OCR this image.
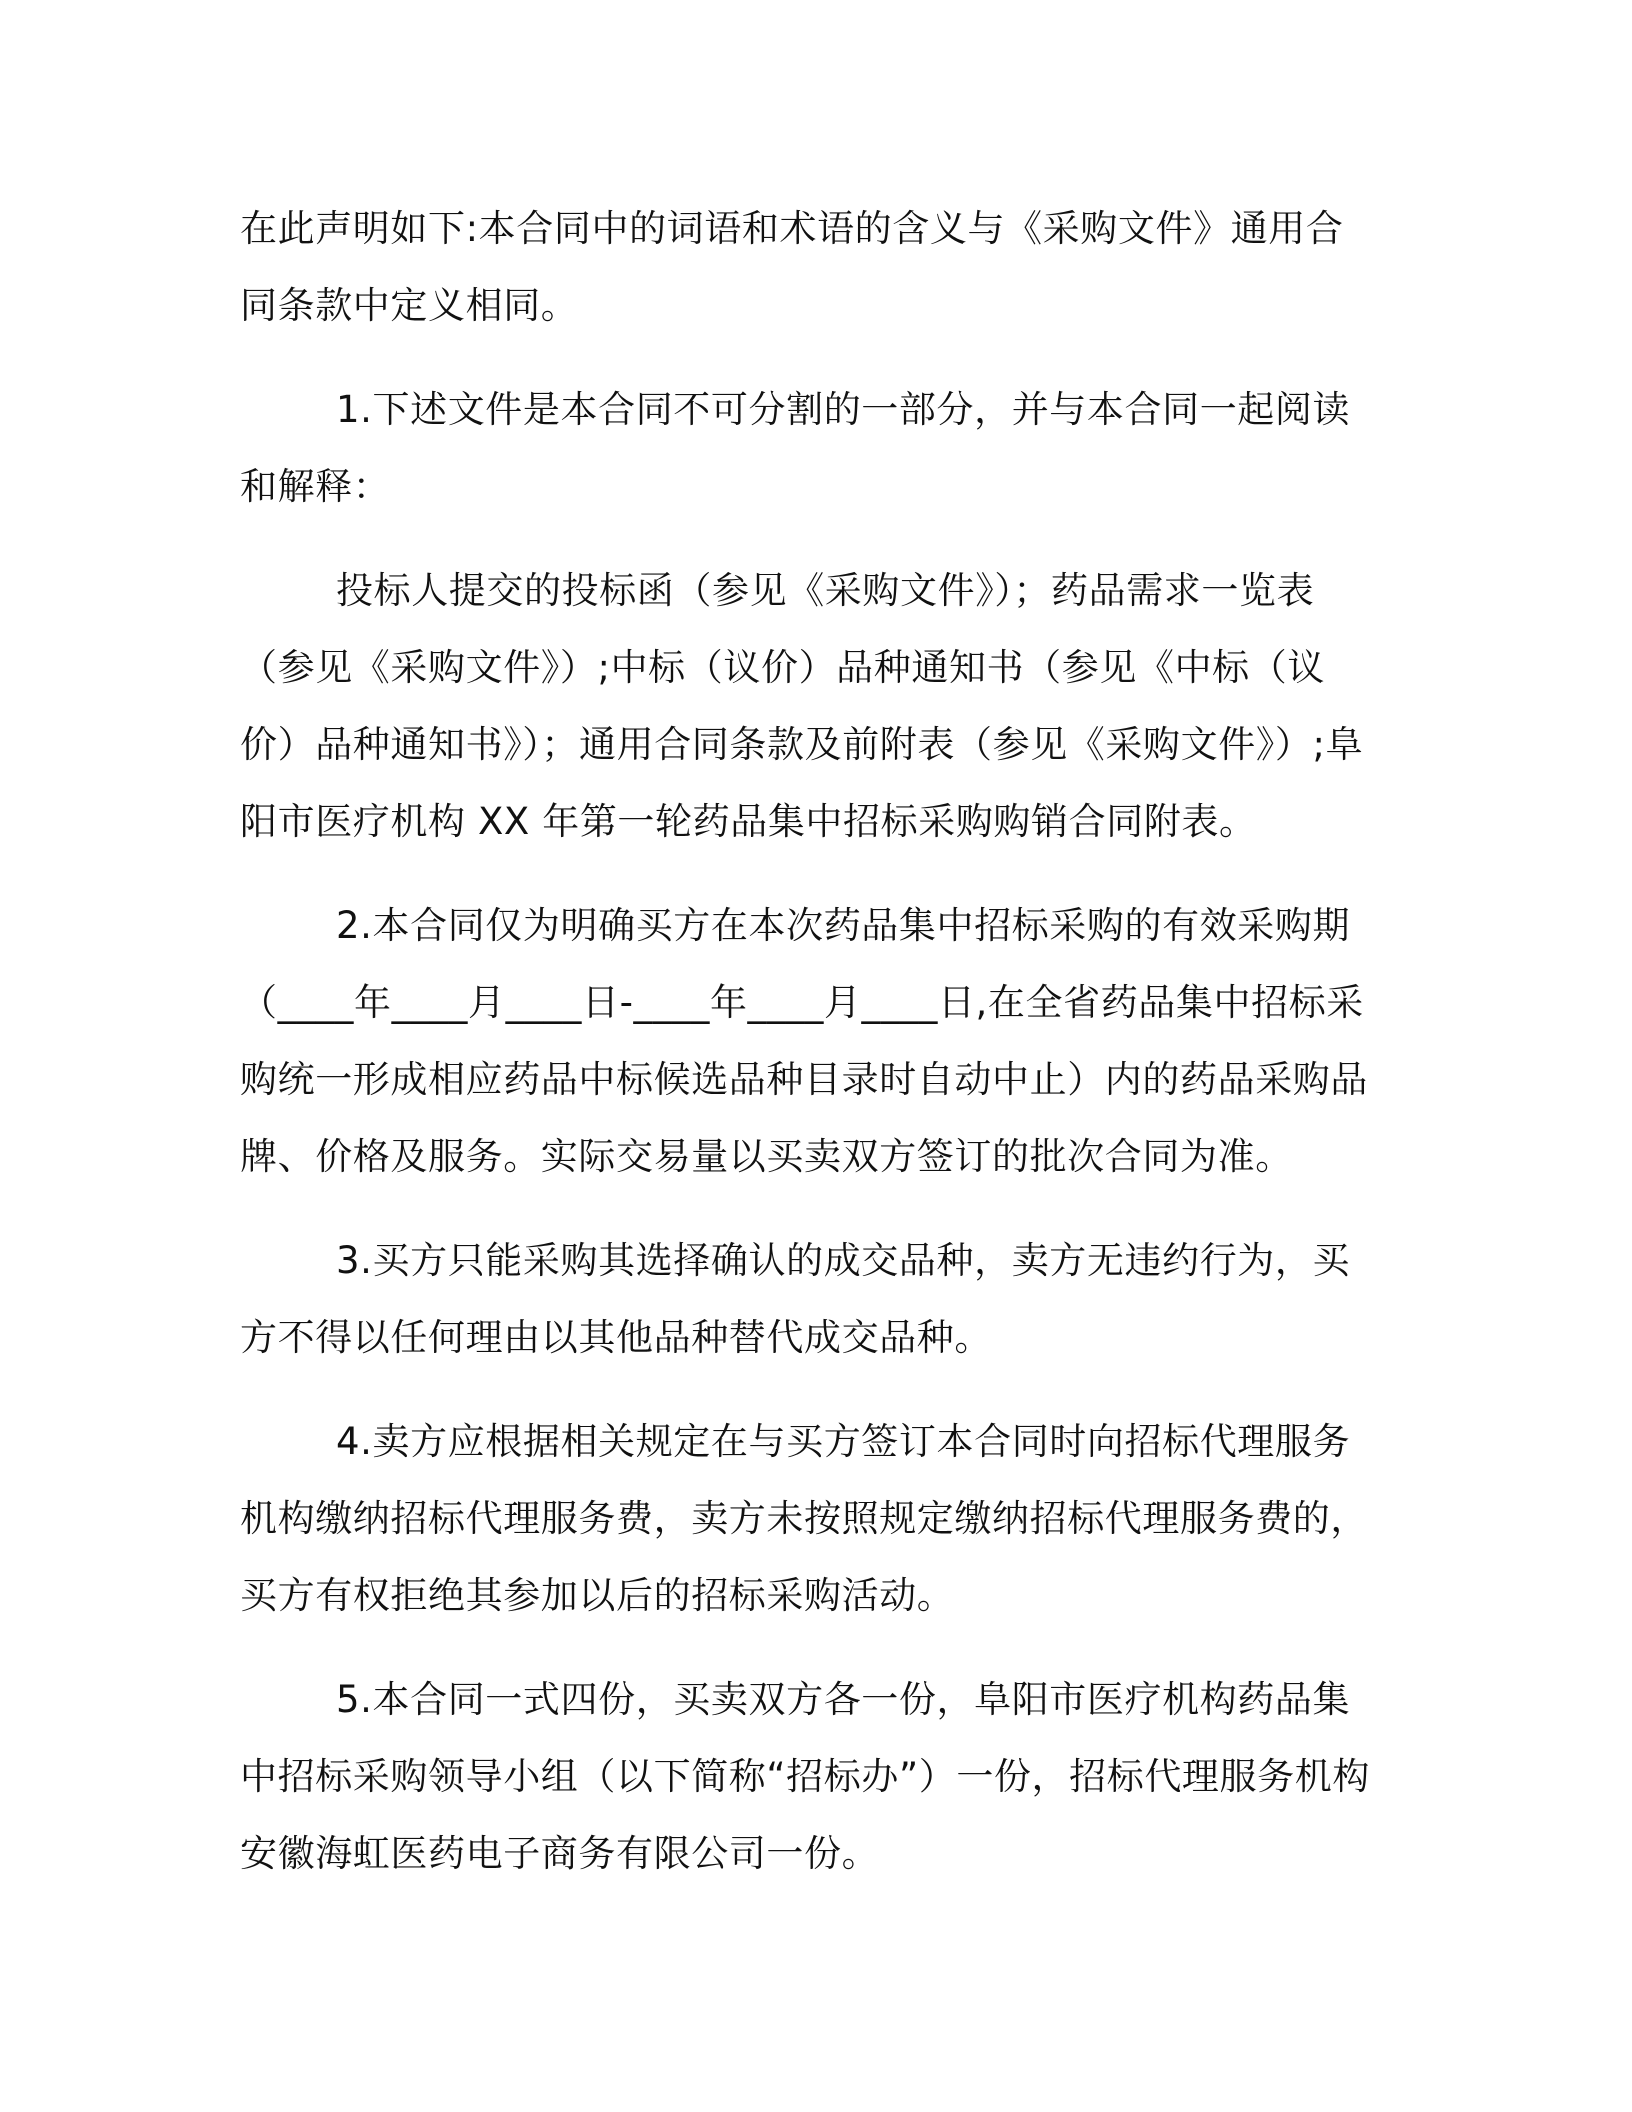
在此声明如下:本合同中的词语和术语的含义与《采购文件》通用合同条款中定义相同。

1.下述文件是本合同不可分割的一部分，并与本合同一起阅读和解释：

投标人提交的投标函（参见《采购文件》）；药品需求一览表（参见《采购文件》）;中标（议价）品种通知书（参见《中标（议价）品种通知书》）；通用合同条款及前附表（参见《采购文件》）;阜阳市医疗机构 XX 年第一轮药品集中招标采购购销合同附表。

2.本合同仅为明确买方在本次药品集中招标采购的有效采购期（____年____月____日-____年____月____日,在全省药品集中招标采购统一形成相应药品中标候选品种目录时自动中止）内的药品采购品牌、价格及服务。实际交易量以买卖双方签订的批次合同为准。

3.买方只能采购其选择确认的成交品种，卖方无违约行为，买方不得以任何理由以其他品种替代成交品种。

4.卖方应根据相关规定在与买方签订本合同时向招标代理服务机构缴纳招标代理服务费，卖方未按照规定缴纳招标代理服务费的，买方有权拒绝其参加以后的招标采购活动。

5.本合同一式四份，买卖双方各一份，阜阳市医疗机构药品集中招标采购领导小组（以下简称“招标办”）一份，招标代理服务机构安徽海虹医药电子商务有限公司一份。
